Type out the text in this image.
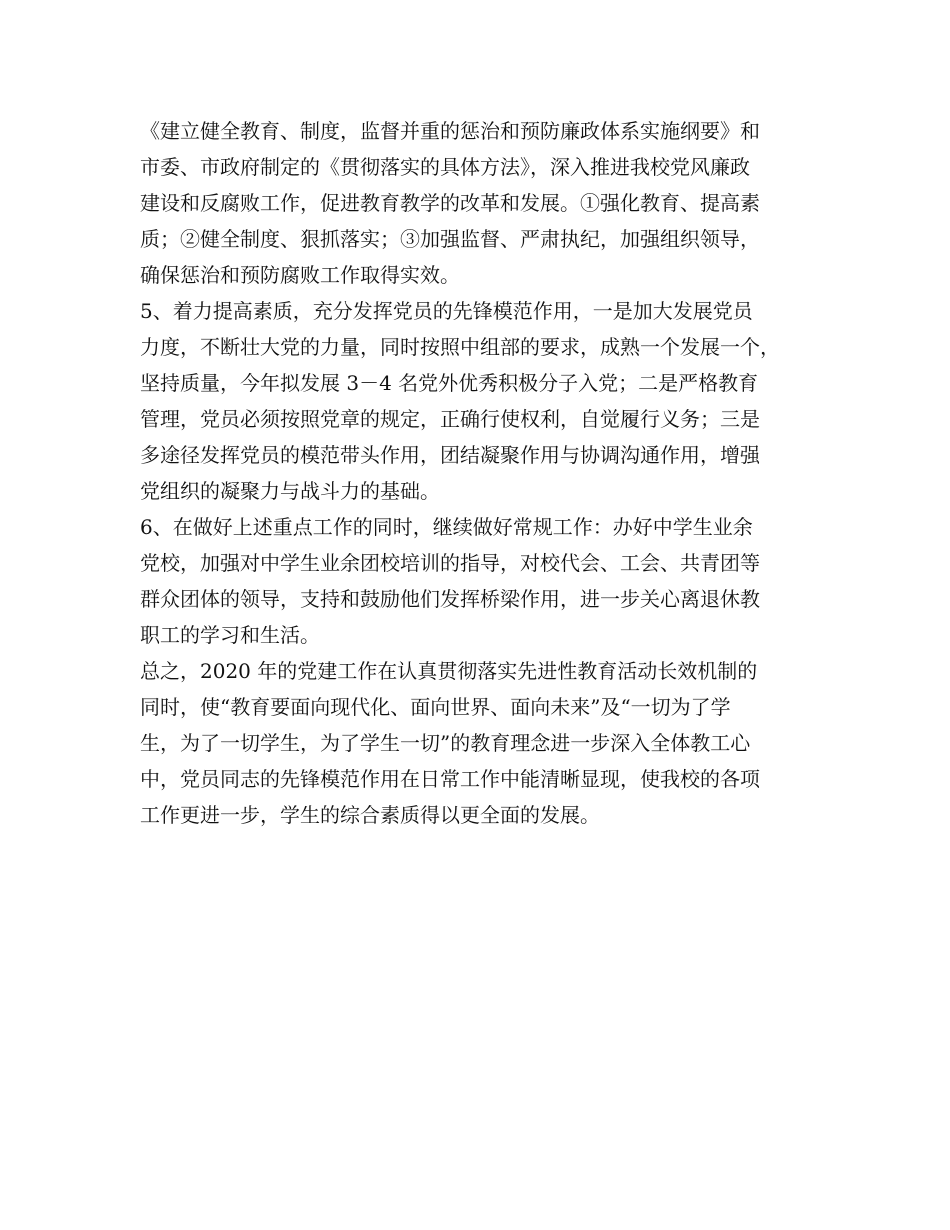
《建立健全教育、制度，监督并重的惩治和预防廉政体系实施纲要》和
市委、市政府制定的《贯彻落实的具体方法》，深入推进我校党风廉政
建设和反腐败工作，促进教育教学的改革和发展。①强化教育、提高素
质；②健全制度、狠抓落实；③加强监督、严肃执纪，加强组织领导，
确保惩治和预防腐败工作取得实效。
5、着力提高素质，充分发挥党员的先锋模范作用，一是加大发展党员
力度，不断壮大党的力量，同时按照中组部的要求，成熟一个发展一个，
坚持质量，今年拟发展 3－4 名党外优秀积极分子入党；二是严格教育
管理，党员必须按照党章的规定，正确行使权利，自觉履行义务；三是
多途径发挥党员的模范带头作用，团结凝聚作用与协调沟通作用，增强
党组织的凝聚力与战斗力的基础。
6、在做好上述重点工作的同时，继续做好常规工作：办好中学生业余
党校，加强对中学生业余团校培训的指导，对校代会、工会、共青团等
群众团体的领导，支持和鼓励他们发挥桥梁作用，进一步关心离退休教
职工的学习和生活。
总之，2020 年的党建工作在认真贯彻落实先进性教育活动长效机制的
同时，使“教育要面向现代化、面向世界、面向未来”及“一切为了学
生，为了一切学生，为了学生一切”的教育理念进一步深入全体教工心
中，党员同志的先锋模范作用在日常工作中能清晰显现，使我校的各项
工作更进一步，学生的综合素质得以更全面的发展。
